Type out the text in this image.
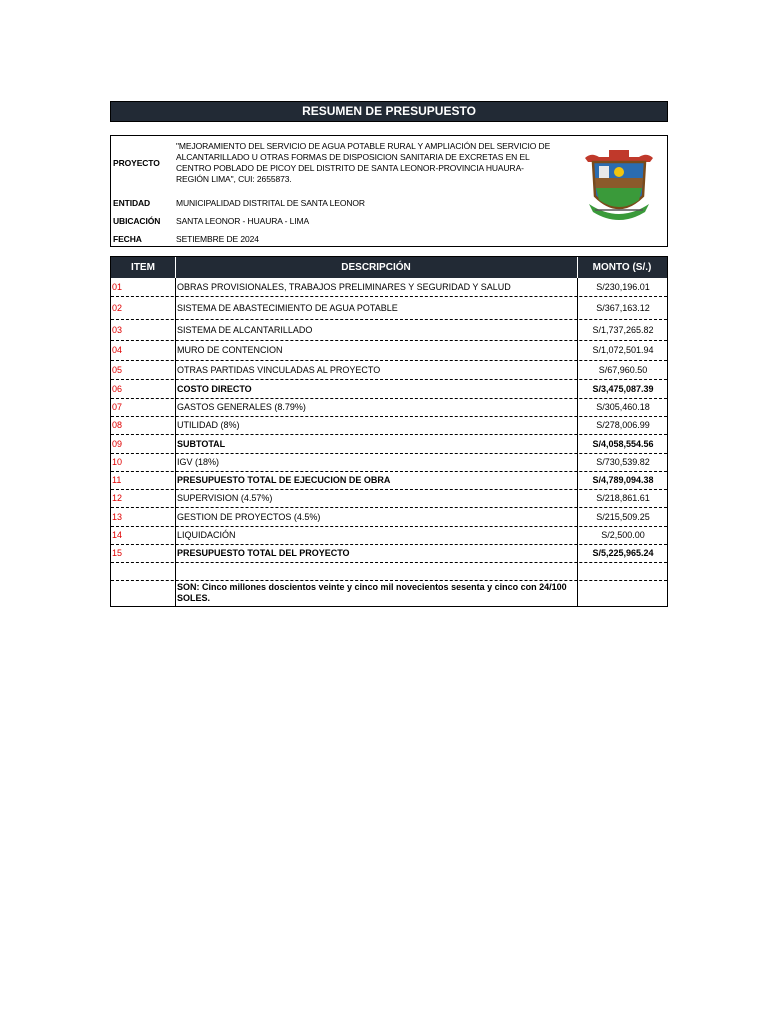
RESUMEN DE PRESUPUESTO
PROYECTO
"MEJORAMIENTO DEL SERVICIO DE AGUA POTABLE RURAL Y AMPLIACIÓN DEL SERVICIO DE ALCANTARILLADO U OTRAS FORMAS DE DISPOSICION SANITARIA DE EXCRETAS EN EL CENTRO POBLADO DE PICOY DEL DISTRITO DE SANTA LEONOR-PROVINCIA HUAURA-REGIÓN LIMA", CUI: 2655873.
ENTIDAD	MUNICIPALIDAD DISTRITAL DE SANTA LEONOR
UBICACIÓN SANTA LEONOR - HUAURA - LIMA
FECHA	SETIEMBRE DE 2024
ITEM	DESCRIPCIÓN	MONTO (S/.)
01	OBRAS PROVISIONALES, TRABAJOS PRELIMINARES Y SEGURIDAD Y SALUD	S/230,196.01
02	SISTEMA DE ABASTECIMIENTO DE AGUA POTABLE	S/367,163.12
03	SISTEMA DE ALCANTARILLADO	S/1,737,265.82
04	MURO DE CONTENCION	S/1,072,501.94
05	OTRAS PARTIDAS VINCULADAS AL PROYECTO	S/67,960.50
06	COSTO DIRECTO	S/3,475,087.39
07	GASTOS GENERALES (8.79%)	S/305,460.18
08	UTILIDAD (8%)	S/278,006.99
09	SUBTOTAL	S/4,058,554.56
10	IGV (18%)	S/730,539.82
11	PRESUPUESTO TOTAL DE EJECUCION DE OBRA	S/4,789,094.38
12	SUPERVISION (4.57%)	S/218,861.61
13	GESTION DE PROYECTOS (4.5%)	S/215,509.25
14	LIQUIDACIÓN	S/2,500.00
15	PRESUPUESTO TOTAL DEL PROYECTO	S/5,225,965.24
SON: Cinco millones doscientos veinte y cinco mil novecientos sesenta y cinco con 24/100 SOLES.
